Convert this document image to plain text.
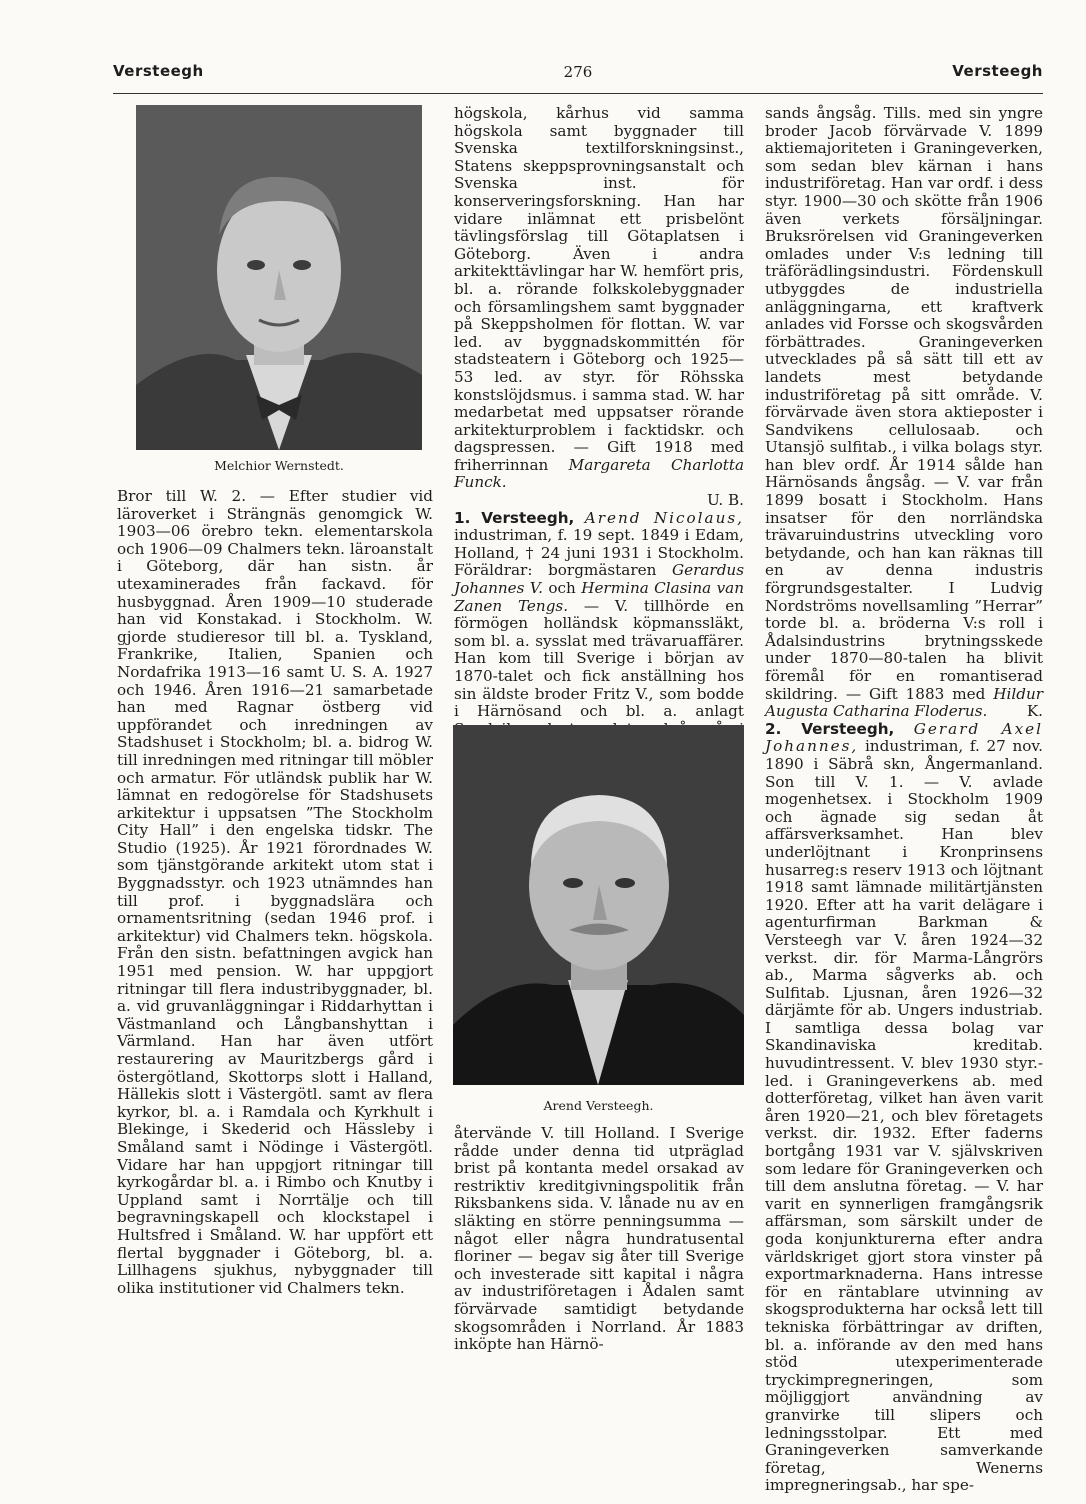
Versteegh	276	Versteegh
Melchior Wernstedt.

Bror till W. 2. — Efter studier vid läroverket i Strängnäs genomgick W. 1903—06 örebro tekn. elementarskola och 1906—09 Chalmers tekn. läroanstalt i Göteborg, där han sistn. år utexaminerades från fackavd. för husbyggnad. Åren 1909—10 studerade han vid Konstakad. i Stockholm. W. gjorde studieresor till bl. a. Tyskland, Frankrike, Italien, Spanien och Nordafrika 1913—16 samt U. S. A. 1927 och 1946. Åren 1916—21 samarbetade han med Ragnar östberg vid uppförandet och inredningen av Stadshuset i Stockholm; bl. a. bidrog W. till inredningen med ritningar till möbler och armatur. För utländsk publik har W. lämnat en redogörelse för Stadshusets arkitektur i uppsatsen ”The Stockholm City Hall” i den engelska tidskr. The Studio (1925). År 1921 förordnades W. som tjänstgörande arkitekt utom stat i Byggnadsstyr. och 1923 utnämndes han till prof. i byggnadslära och ornamentsritning (sedan 1946 prof. i arkitektur) vid Chalmers tekn. högskola. Från den sistn. befattningen avgick han 1951 med pension. W. har uppgjort ritningar till flera industribyggnader, bl. a. vid gruvanläggningar i Riddarhyttan i Västmanland och Långbanshyttan i Värmland. Han har även utfört restaurering av Mauritzbergs gård i östergötland, Skottorps slott i Halland, Hällekis slott i Västergötl. samt av flera kyrkor, bl. a. i Ramdala och Kyrkhult i Blekinge, i Skederid och Hässleby i Småland samt i Nödinge i Västergötl. Vidare har han uppgjort ritningar till kyrkogårdar bl. a. i Rimbo och Knutby i Uppland samt i Norrtälje och till begravningskapell och klockstapel i Hultsfred i Småland. W. har uppfört ett flertal byggnader i Göteborg, bl. a. Lillhagens sjukhus, nybyggnader till olika institutioner vid Chalmers tekn.

högskola, kårhus vid samma högskola samt byggnader till Svenska textilforskningsinst., Statens skeppsprovningsanstalt och Svenska inst. för konserveringsforskning. Han har vidare inlämnat ett prisbelönt tävlingsförslag till Götaplatsen i Göteborg. Även i andra arkitekttävlingar har W. hemfört pris, bl. a. rörande folkskolebyggnader och församlingshem samt byggnader på Skeppsholmen för flottan. W. var led. av byggnadskommittén för stadsteatern i Göteborg och 1925—53 led. av styr. för Röhsska konstslöjdsmus. i samma stad. W. har medarbetat med uppsatser rörande arkitekturproblem i facktidskr. och dagspressen. — Gift 1918 med friherrinnan Margareta Charlotta Funck.

U. B.

1. Versteegh, Arend Nicolaus, industriman, f. 19 sept. 1849 i Edam, Holland, † 24 juni 1931 i Stockholm. Föräldrar: borgmästaren Gerardus Johannes V. och Hermina Clasina van Zanen Tengs. — V. tillhörde en förmögen holländsk köpmanssläkt, som bl. a. sysslat med trävaruaffärer. Han kom till Sverige i början av 1870-talet och fick anställning hos sin äldste broder Fritz V., som bodde i Härnösand och bl. a. anlagt

Arend Versteegh.

återvände V. till Holland. I Sverige rådde under denna tid utpräglad brist på kontanta medel orsakad av restriktiv kreditgivningspolitik från Riksbankens sida. V. lånade nu av en släkting en större penningsumma — något eller några hundratusental floriner — begav sig åter till Sverige och investerade sitt kapital i några av industriföretagen i Ådalen samt förvärvade samtidigt betydande skogsområden i Norrland. År 1883 inköpte han Härnö-

sands ångsåg. Tills. med sin yngre broder Jacob förvärvade V. 1899 aktiemajoriteten i Graningeverken, som sedan blev kärnan i hans industriföretag. Han var ordf. i dess styr. 1900—30 och skötte från 1906 även verkets försäljningar. Bruksrörelsen vid Graningeverken omlades under V:s ledning till träförädlingsindustri. Fördenskull utbyggdes de industriella anläggningarna, ett kraftverk anlades vid Forsse och skogsvården förbättrades. Graningeverken utvecklades på så sätt till ett av landets mest betydande industriföretag på sitt område. V. förvärvade även stora aktieposter i Sandvikens cellulosaab. och Utansjö sulfitab., i vilka bolags styr. han blev ordf. År 1914 sålde han Härnösands ångsåg. — V. var från 1899 bosatt i Stockholm. Hans insatser för den norrländska trävaruindustrins utveckling voro betydande, och han kan räknas till en av denna industris förgrundsgestalter. I Ludvig Nordströms novellsamling ”Herrar” torde bl. a. bröderna V:s roll i Ådalsindustrins brytningsskede under 1870—80-talen ha blivit föremål för en romantiserad skildring. — Gift 1883 med Hildur Augusta Catharina Floderus.	K.

2. Versteegh, Gerard Axel Johannes, industriman, f. 27 nov. 1890 i Säbrå skn, Ångermanland. Son till V. 1. — V. avlade mogenhetsex. i Stockholm 1909 och ägnade sig sedan åt affärsverksamhet. Han blev underlöjtnant i Kronprinsens husarreg:s reserv 1913 och löjtnant 1918 samt lämnade militärtjänsten 1920. Efter att ha varit delägare i agenturfirman Barkman & Versteegh var V. åren 1924—32 verkst. dir. för Marma-Långrörs ab., Marma sågverks ab. och Sulfitab. Ljusnan, åren 1926—32 därjämte för ab. Ungers industriab. I samtliga dessa bolag var Skandinaviska kreditab. huvudintressent. V. blev 1930 styr.-led. i Graningeverkens ab. med dotterföretag, vilket han även varit åren 1920—21, och blev företagets verkst. dir. 1932. Efter faderns bortgång 1931 var V. självskriven som ledare för Graningeverken och till dem anslutna företag. — V. har varit en synnerligen framgångsrik affärsman, som särskilt under de goda konjunkturerna efter andra världskriget gjort stora vinster på exportmarknaderna. Hans intresse för en räntablare utvinning av skogsprodukterna har också lett till tekniska förbättringar av driften, bl. a. införande av den med hans stöd utexperimenterade tryckimpregneringen, som möjliggjort användning av granvirke till slipers och ledningsstolpar. Ett med Graningeverken samverkande företag, Wenerns impregneringsab., har spe-
